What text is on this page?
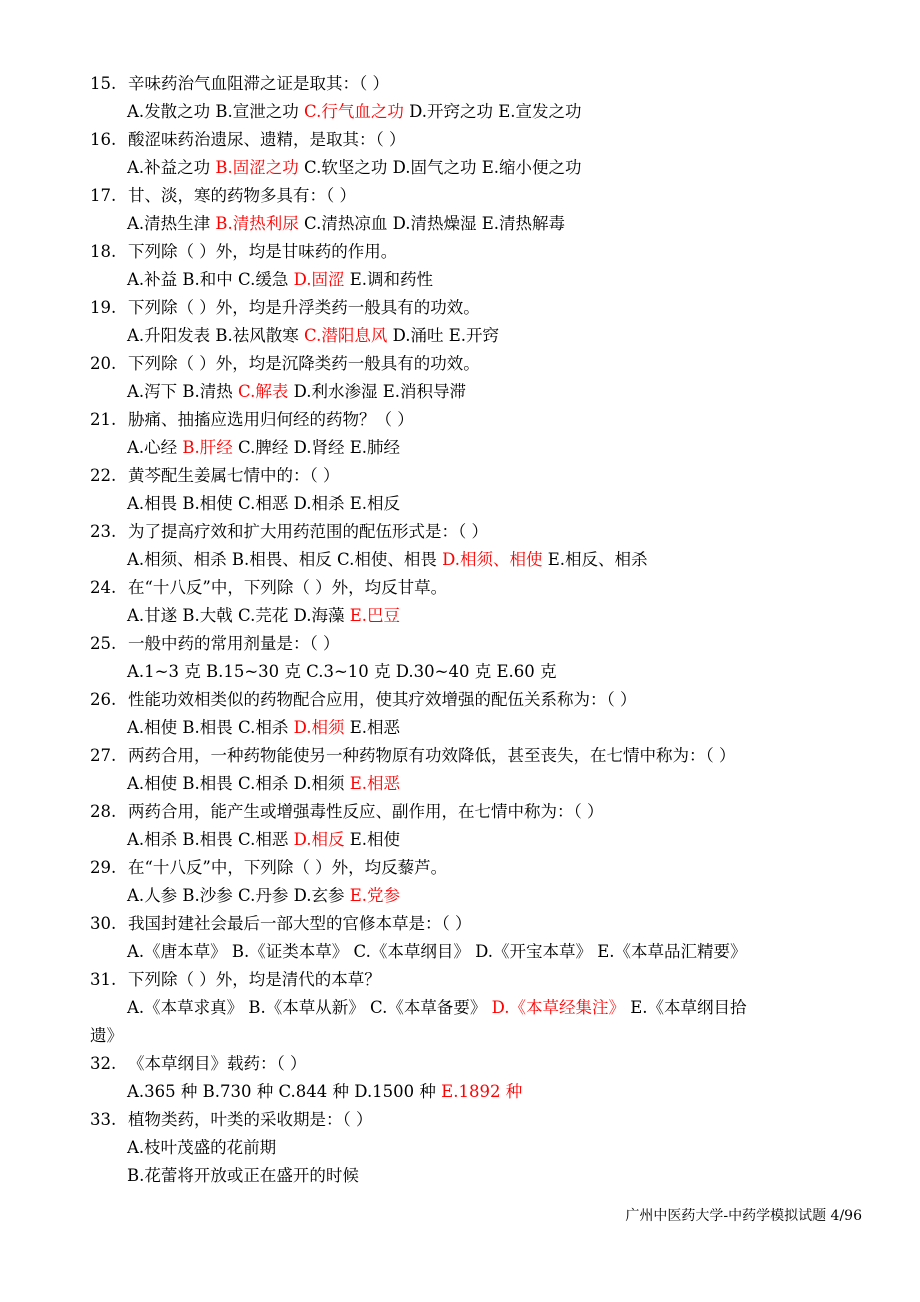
15. 辛味药治气血阻滞之证是取其：（ ）
A.发散之功 B.宣泄之功 C.行气血之功 D.开窍之功 E.宣发之功
16. 酸涩味药治遗尿、遗精，是取其：（ ）
A.补益之功 B.固涩之功 C.软坚之功 D.固气之功 E.缩小便之功
17. 甘、淡，寒的药物多具有：（ ）
A.清热生津 B.清热利尿 C.清热凉血 D.清热燥湿 E.清热解毒
18. 下列除（ ）外，均是甘味药的作用。
A.补益 B.和中 C.缓急 D.固涩 E.调和药性
19. 下列除（ ）外，均是升浮类药一般具有的功效。
A.升阳发表 B.祛风散寒 C.潜阳息风 D.涌吐 E.开窍
20. 下列除（ ）外，均是沉降类药一般具有的功效。
A.泻下 B.清热 C.解表 D.利水渗湿 E.消积导滞
21. 胁痛、抽搐应选用归何经的药物？（ ）
A.心经 B.肝经 C.脾经 D.肾经 E.肺经
22. 黄芩配生姜属七情中的：（ ）
A.相畏 B.相使 C.相恶 D.相杀 E.相反
23. 为了提高疗效和扩大用药范围的配伍形式是：（ ）
A.相须、相杀 B.相畏、相反 C.相使、相畏 D.相须、相使 E.相反、相杀
24. 在“十八反”中，下列除（ ）外，均反甘草。
A.甘遂 B.大戟 C.芫花 D.海藻 E.巴豆
25. 一般中药的常用剂量是：（ ）
A.1~3 克 B.15~30 克 C.3~10 克 D.30~40 克 E.60 克
26. 性能功效相类似的药物配合应用，使其疗效增强的配伍关系称为：（ ）
A.相使 B.相畏 C.相杀 D.相须 E.相恶
27. 两药合用，一种药物能使另一种药物原有功效降低，甚至丧失，在七情中称为：（ ）
A.相使 B.相畏 C.相杀 D.相须 E.相恶
28. 两药合用，能产生或增强毒性反应、副作用，在七情中称为：（ ）
A.相杀 B.相畏 C.相恶 D.相反 E.相使
29. 在“十八反”中，下列除（ ）外，均反藜芦。
A.人参 B.沙参 C.丹参 D.玄参 E.党参
30. 我国封建社会最后一部大型的官修本草是：（ ）
A.《唐本草》 B.《证类本草》 C.《本草纲目》 D.《开宝本草》 E.《本草品汇精要》
31. 下列除（ ）外，均是清代的本草？
A.《本草求真》 B.《本草从新》 C.《本草备要》 D.《本草经集注》 E.《本草纲目拾
遗》
32. 《本草纲目》载药：（ ）
A.365 种 B.730 种 C.844 种 D.1500 种 E.1892 种
33. 植物类药，叶类的采收期是：（ ）
A.枝叶茂盛的花前期
B.花蕾将开放或正在盛开的时候
广州中医药大学-中药学模拟试题 4/96
